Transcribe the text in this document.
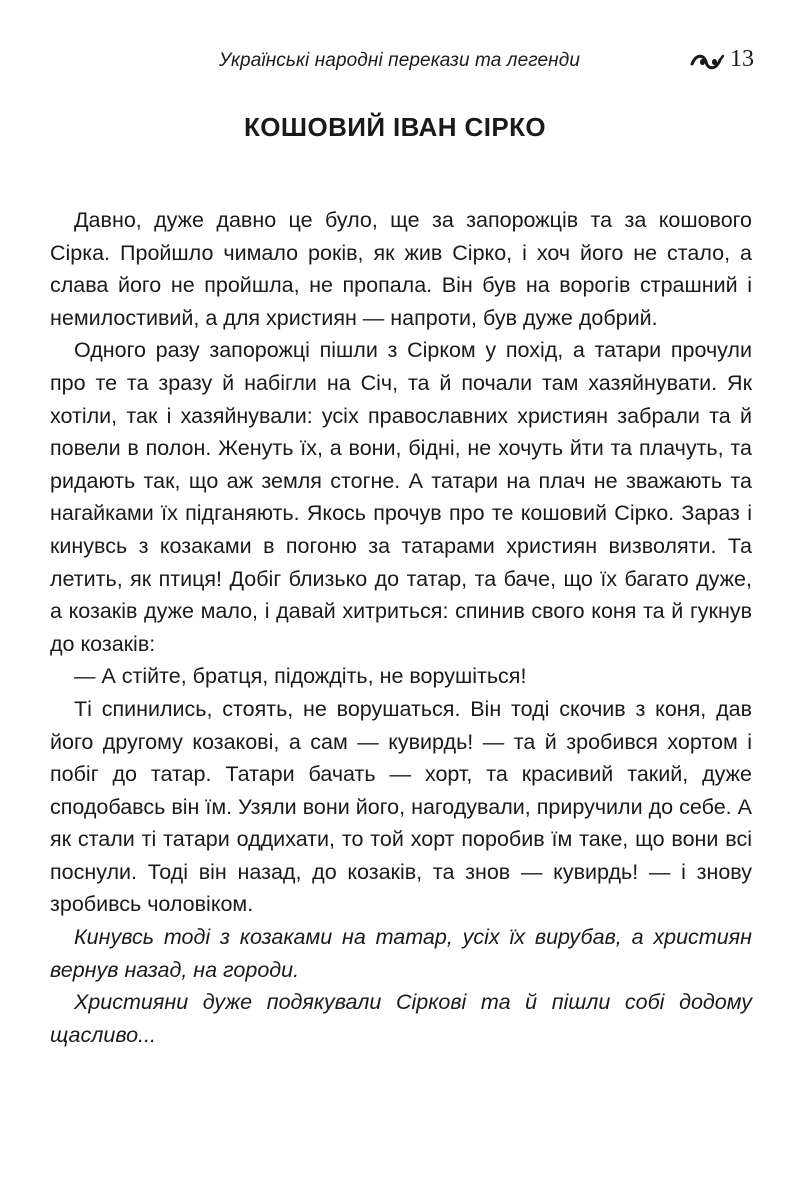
Українські народні перекази та легенди	13
КОШОВИЙ ІВАН СІРКО

Давно, дуже давно це було, ще за запорожців та за кошового Сірка. Пройшло чимало років, як жив Сірко, і хоч його не стало, а слава його не пройшла, не пропала. Він був на ворогів страшний і немилостивий, а для християн — напроти, був дуже добрий.

Одного разу запорожці пішли з Сірком у похід, а татари прочули про те та зразу й набігли на Січ, та й почали там хазяйнувати. Як хотіли, так і хазяйнували: усіх православних християн забрали та й повели в полон. Женуть їх, а вони, бідні, не хочуть йти та плачуть, та ридають так, що аж земля стогне. А татари на плач не зважають та нагайками їх підганяють. Якось прочув про те кошовий Сірко. Зараз і кинувсь з козаками в погоню за татарами християн визволяти. Та летить, як птиця! Добіг близько до татар, та баче, що їх багато дуже, а козаків дуже мало, і давай хитриться: спинив свого коня та й гукнув до козаків:

— А стійте, братця, підождіть, не ворушіться!

Ті спинились, стоять, не ворушаться. Він тоді скочив з коня, дав його другому козакові, а сам — кувирдь! — та й зробився хортом і побіг до татар. Татари бачать — хорт, та красивий такий, дуже сподобавсь він їм. Узяли вони його, нагодували, приручили до себе. А як стали ті татари оддихати, то той хорт поробив їм таке, що вони всі поснули. Тоді він назад, до козаків, та знов — кувирдь! — і знову зробивсь чоловіком.

Кинувсь тоді з козаками на татар, усіх їх вирубав, а християн вернув назад, на городи.

Християни дуже подякували Сіркові та й пішли собі додому щасливо...
